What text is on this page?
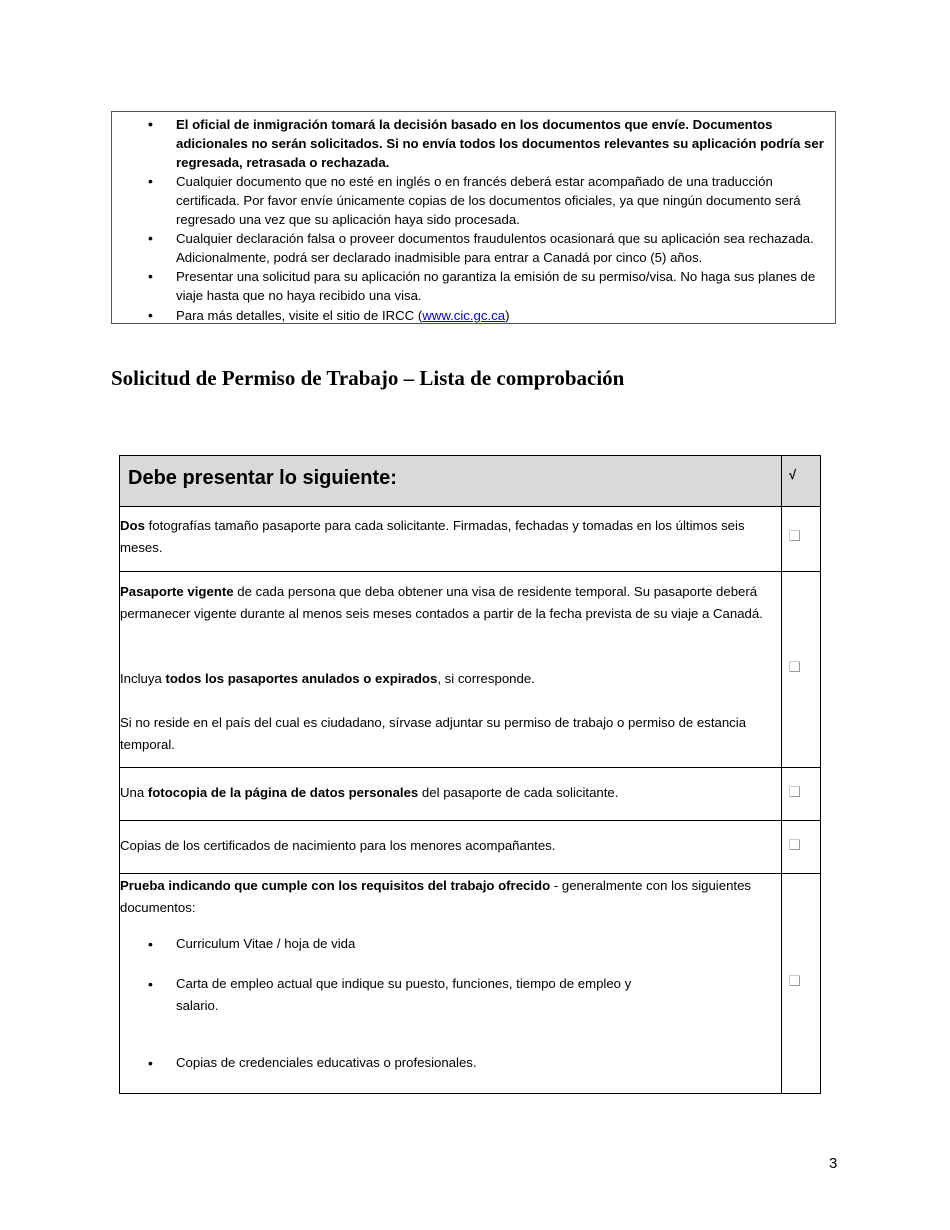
• El oficial de inmigración tomará la decisión basado en los documentos que envíe. Documentos adicionales no serán solicitados. Si no envía todos los documentos relevantes su aplicación podría ser regresada, retrasada o rechazada.
• Cualquier documento que no esté en inglés o en francés deberá estar acompañado de una traducción certificada. Por favor envíe únicamente copias de los documentos oficiales, ya que ningún documento será regresado una vez que su aplicación haya sido procesada.
• Cualquier declaración falsa o proveer documentos fraudulentos ocasionará que su aplicación sea rechazada. Adicionalmente, podrá ser declarado inadmisible para entrar a Canadá por cinco (5) años.
• Presentar una solicitud para su aplicación no garantiza la emisión de su permiso/visa. No haga sus planes de viaje hasta que no haya recibido una visa.
• Para más detalles, visite el sitio de IRCC (www.cic.gc.ca)
Solicitud de Permiso de Trabajo – Lista de comprobación
Debe presentar lo siguiente:	√
Dos fotografías tamaño pasaporte para cada solicitante. Firmadas, fechadas y tomadas en los últimos seis meses.
Pasaporte vigente de cada persona que deba obtener una visa de residente temporal. Su pasaporte deberá permanecer vigente durante al menos seis meses contados a partir de la fecha prevista de su viaje a Canadá.
Incluya todos los pasaportes anulados o expirados, si corresponde.
Si no reside en el país del cual es ciudadano, sírvase adjuntar su permiso de trabajo o permiso de estancia temporal.
Una fotocopia de la página de datos personales del pasaporte de cada solicitante.
Copias de los certificados de nacimiento para los menores acompañantes.
Prueba indicando que cumple con los requisitos del trabajo ofrecido - generalmente con los siguientes documentos:
• Curriculum Vitae / hoja de vida
• Carta de empleo actual que indique su puesto, funciones, tiempo de empleo y salario.
• Copias de credenciales educativas o profesionales.
3
